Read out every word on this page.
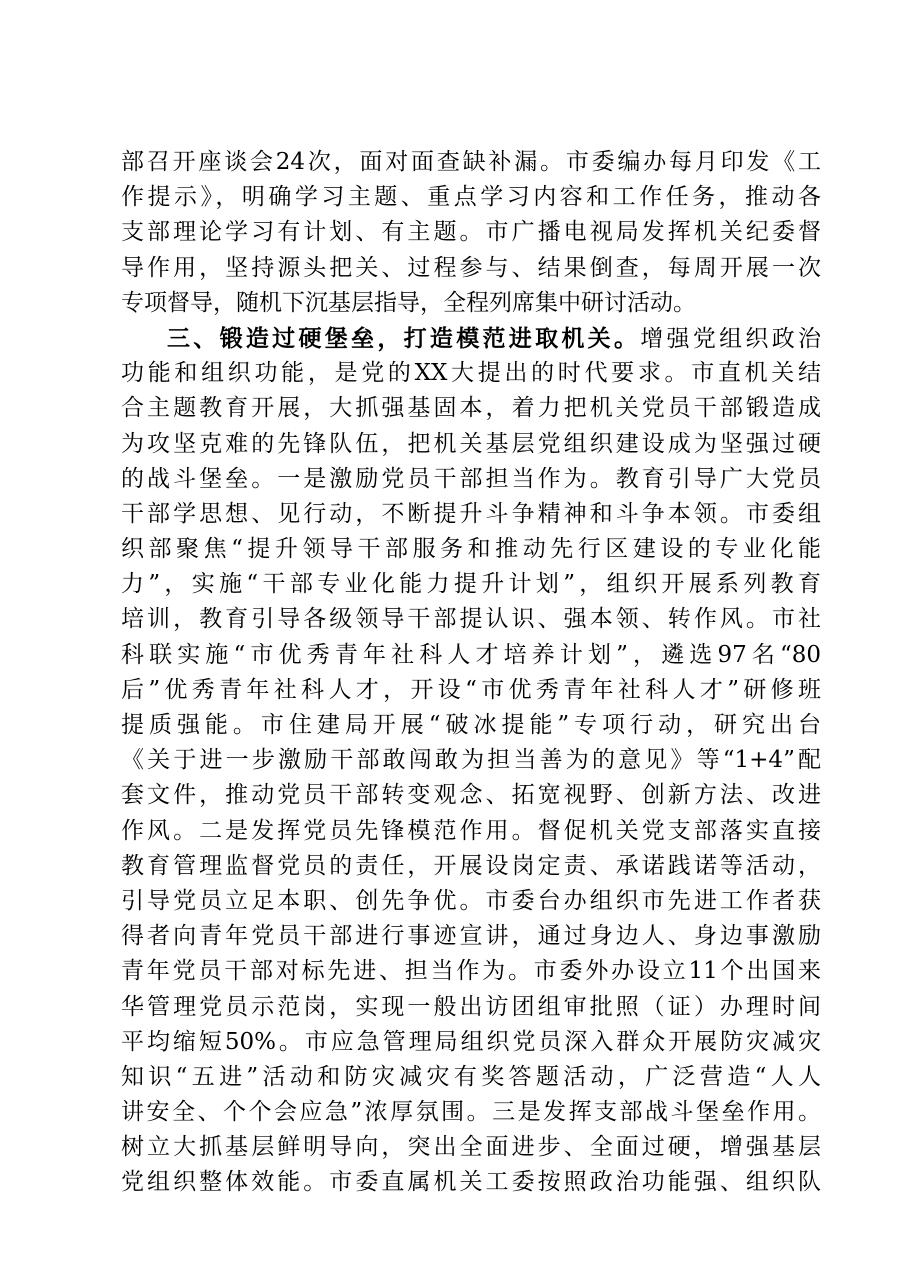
部召开座谈会24次，面对面查缺补漏。市委编办每月印发《工
作提示》，明确学习主题、重点学习内容和工作任务，推动各
支部理论学习有计划、有主题。市广播电视局发挥机关纪委督
导作用，坚持源头把关、过程参与、结果倒查，每周开展一次
专项督导，随机下沉基层指导，全程列席集中研讨活动。
三、锻造过硬堡垒，打造模范进取机关。增强党组织政治
功能和组织功能，是党的XX大提出的时代要求。市直机关结
合主题教育开展，大抓强基固本，着力把机关党员干部锻造成
为攻坚克难的先锋队伍，把机关基层党组织建设成为坚强过硬
的战斗堡垒。一是激励党员干部担当作为。教育引导广大党员
干部学思想、见行动，不断提升斗争精神和斗争本领。市委组
织部聚焦“提升领导干部服务和推动先行区建设的专业化能
力”，实施“干部专业化能力提升计划”，组织开展系列教育
培训，教育引导各级领导干部提认识、强本领、转作风。市社
科联实施“市优秀青年社科人才培养计划”，遴选97名“80
后”优秀青年社科人才，开设“市优秀青年社科人才”研修班
提质强能。市住建局开展“破冰提能”专项行动，研究出台
《关于进一步激励干部敢闯敢为担当善为的意见》等“1+4”配
套文件，推动党员干部转变观念、拓宽视野、创新方法、改进
作风。二是发挥党员先锋模范作用。督促机关党支部落实直接
教育管理监督党员的责任，开展设岗定责、承诺践诺等活动，
引导党员立足本职、创先争优。市委台办组织市先进工作者获
得者向青年党员干部进行事迹宣讲，通过身边人、身边事激励
青年党员干部对标先进、担当作为。市委外办设立11个出国来
华管理党员示范岗，实现一般出访团组审批照（证）办理时间
平均缩短50%。市应急管理局组织党员深入群众开展防灾减灾
知识“五进”活动和防灾减灾有奖答题活动，广泛营造“人人
讲安全、个个会应急”浓厚氛围。三是发挥支部战斗堡垒作用。
树立大抓基层鲜明导向，突出全面进步、全面过硬，增强基层
党组织整体效能。市委直属机关工委按照政治功能强、组织队
